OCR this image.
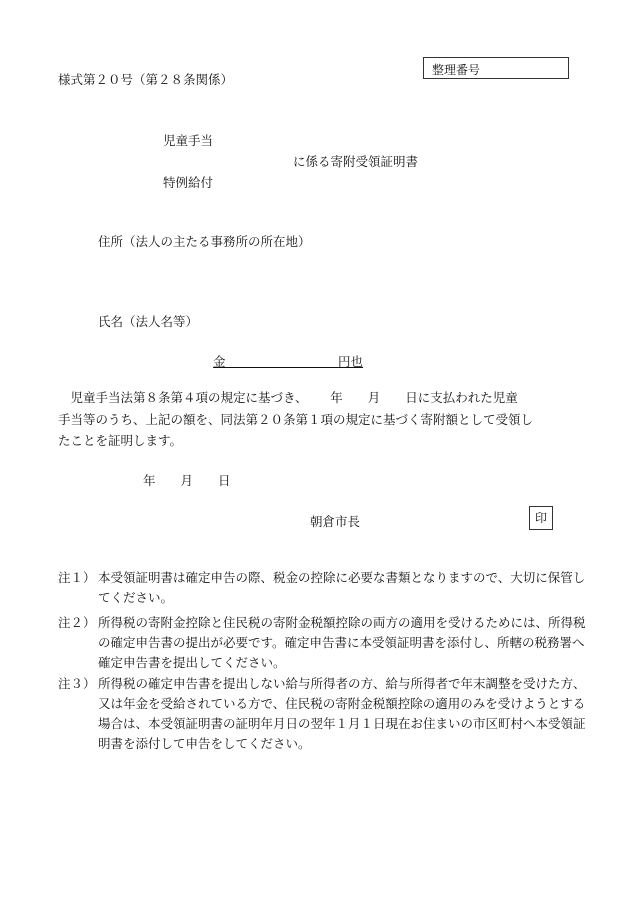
整理番号
様式第２０号（第２８条関係）
児童手当
に係る寄附受領証明書
特例給付
住所（法人の主たる事務所の所在地）
氏名（法人名等）
金　　　　　　　　　	円也

　児童手当法第８条第４項の規定に基づき、　　 年　　月　　日に支払われた児童

手当等のうち、上記の額を、同法第２０条第１項の規定に基づく寄附額として受領し

たことを証明します。

年　　月　　日
朝倉市長	印
注１） 本受領証明書は確定申告の際、税金の控除に必要な書類となりますので、大切に保管してください。
注２） 所得税の寄附金控除と住民税の寄附金税額控除の両方の適用を受けるためには、所得税の確定申告書の提出が必要です。確定申告書に本受領証明書を添付し、所轄の税務署へ確定申告書を提出してください。
注３） 所得税の確定申告書を提出しない給与所得者の方、給与所得者で年末調整を受けた方、又は年金を受給されている方で、住民税の寄附金税額控除の適用のみを受けようとする場合は、本受領証明書の証明年月日の翌年１月１日現在お住まいの市区町村へ本受領証明書を添付して申告をしてください。
